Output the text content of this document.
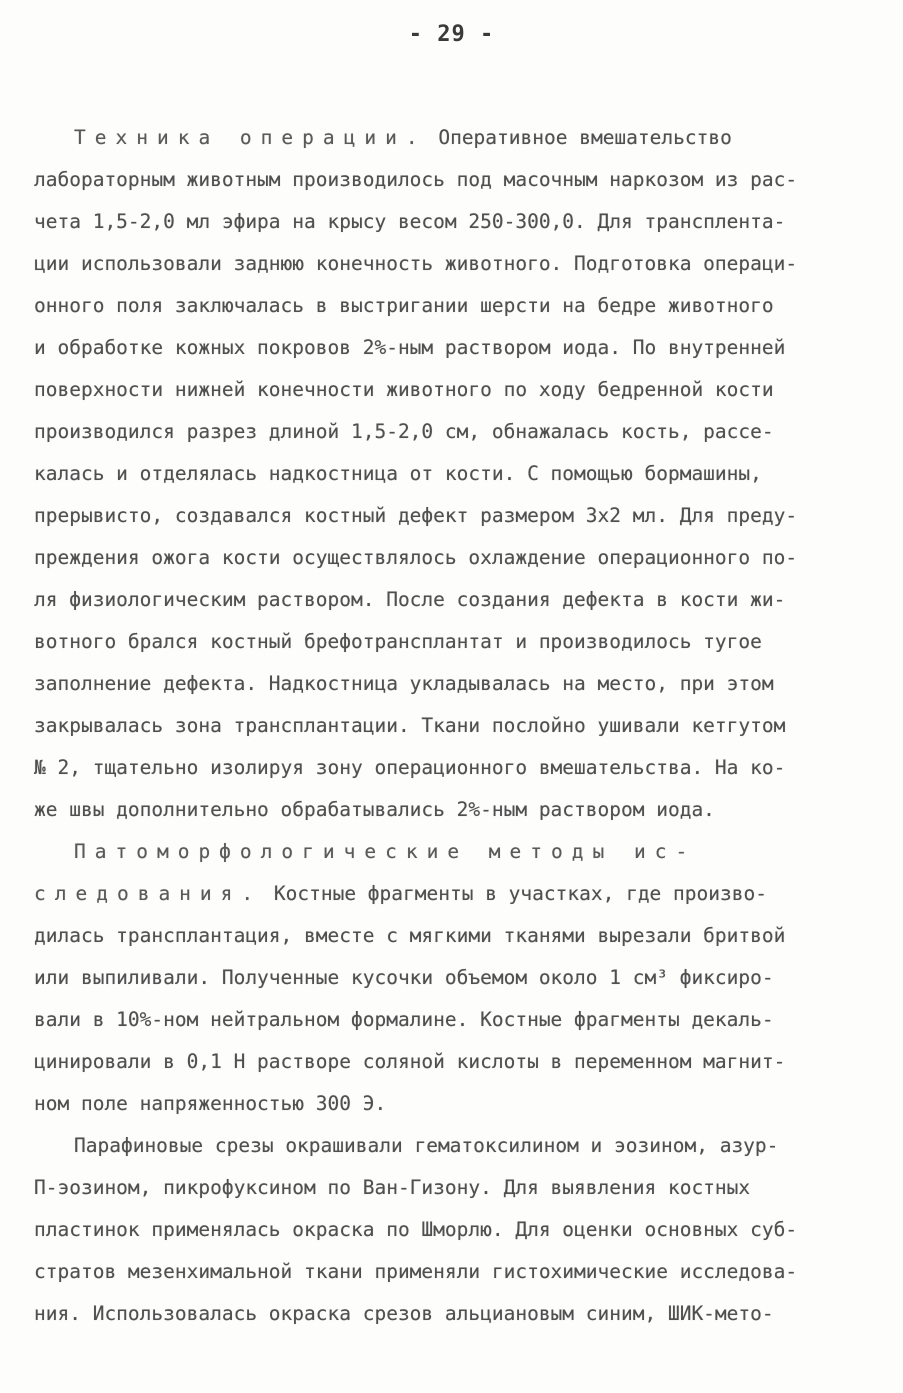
- 29 -
Техника операции. Оперативное вмешательство
лабораторным животным производилось под масочным наркозом из рас-
чета 1,5-2,0 мл эфира на крысу весом 250-300,0. Для трансплента-
ции использовали заднюю конечность животного. Подготовка операци-
онного поля заключалась в выстригании шерсти на бедре животного
и обработке кожных покровов 2%-ным раствором иода. По внутренней
поверхности нижней конечности животного по ходу бедренной кости
производился разрез длиной 1,5-2,0 см, обнажалась кость, рассе-
калась и отделялась надкостница от кости. С помощью бормашины,
прерывисто, создавался костный дефект размером 3х2 мл. Для преду-
преждения ожога кости осуществлялось охлаждение операционного по-
ля физиологическим раствором. После создания дефекта в кости жи-
вотного брался костный брефотрансплантат и производилось тугое
заполнение дефекта. Надкостница укладывалась на место, при этом
закрывалась зона трансплантации. Ткани послойно ушивали кетгутом
№ 2, тщательно изолируя зону операционного вмешательства. На ко-
же швы дополнительно обрабатывались 2%-ным раствором иода.
Патоморфологические методы ис-
следования. Костные фрагменты в участках, где произво-
дилась трансплантация, вместе с мягкими тканями вырезали бритвой
или выпиливали. Полученные кусочки объемом около 1 см³ фиксиро-
вали в 10%-ном нейтральном формалине. Костные фрагменты декаль-
цинировали в 0,1 Н растворе соляной кислоты в переменном магнит-
ном поле напряженностью 300 Э.
Парафиновые срезы окрашивали гематоксилином и эозином, азур-
П-эозином, пикрофуксином по Ван-Гизону. Для выявления костных
пластинок применялась окраска по Шморлю. Для оценки основных суб-
стратов мезенхимальной ткани применяли гистохимические исследова-
ния. Использовалась окраска срезов альциановым синим, ШИК-мето-
